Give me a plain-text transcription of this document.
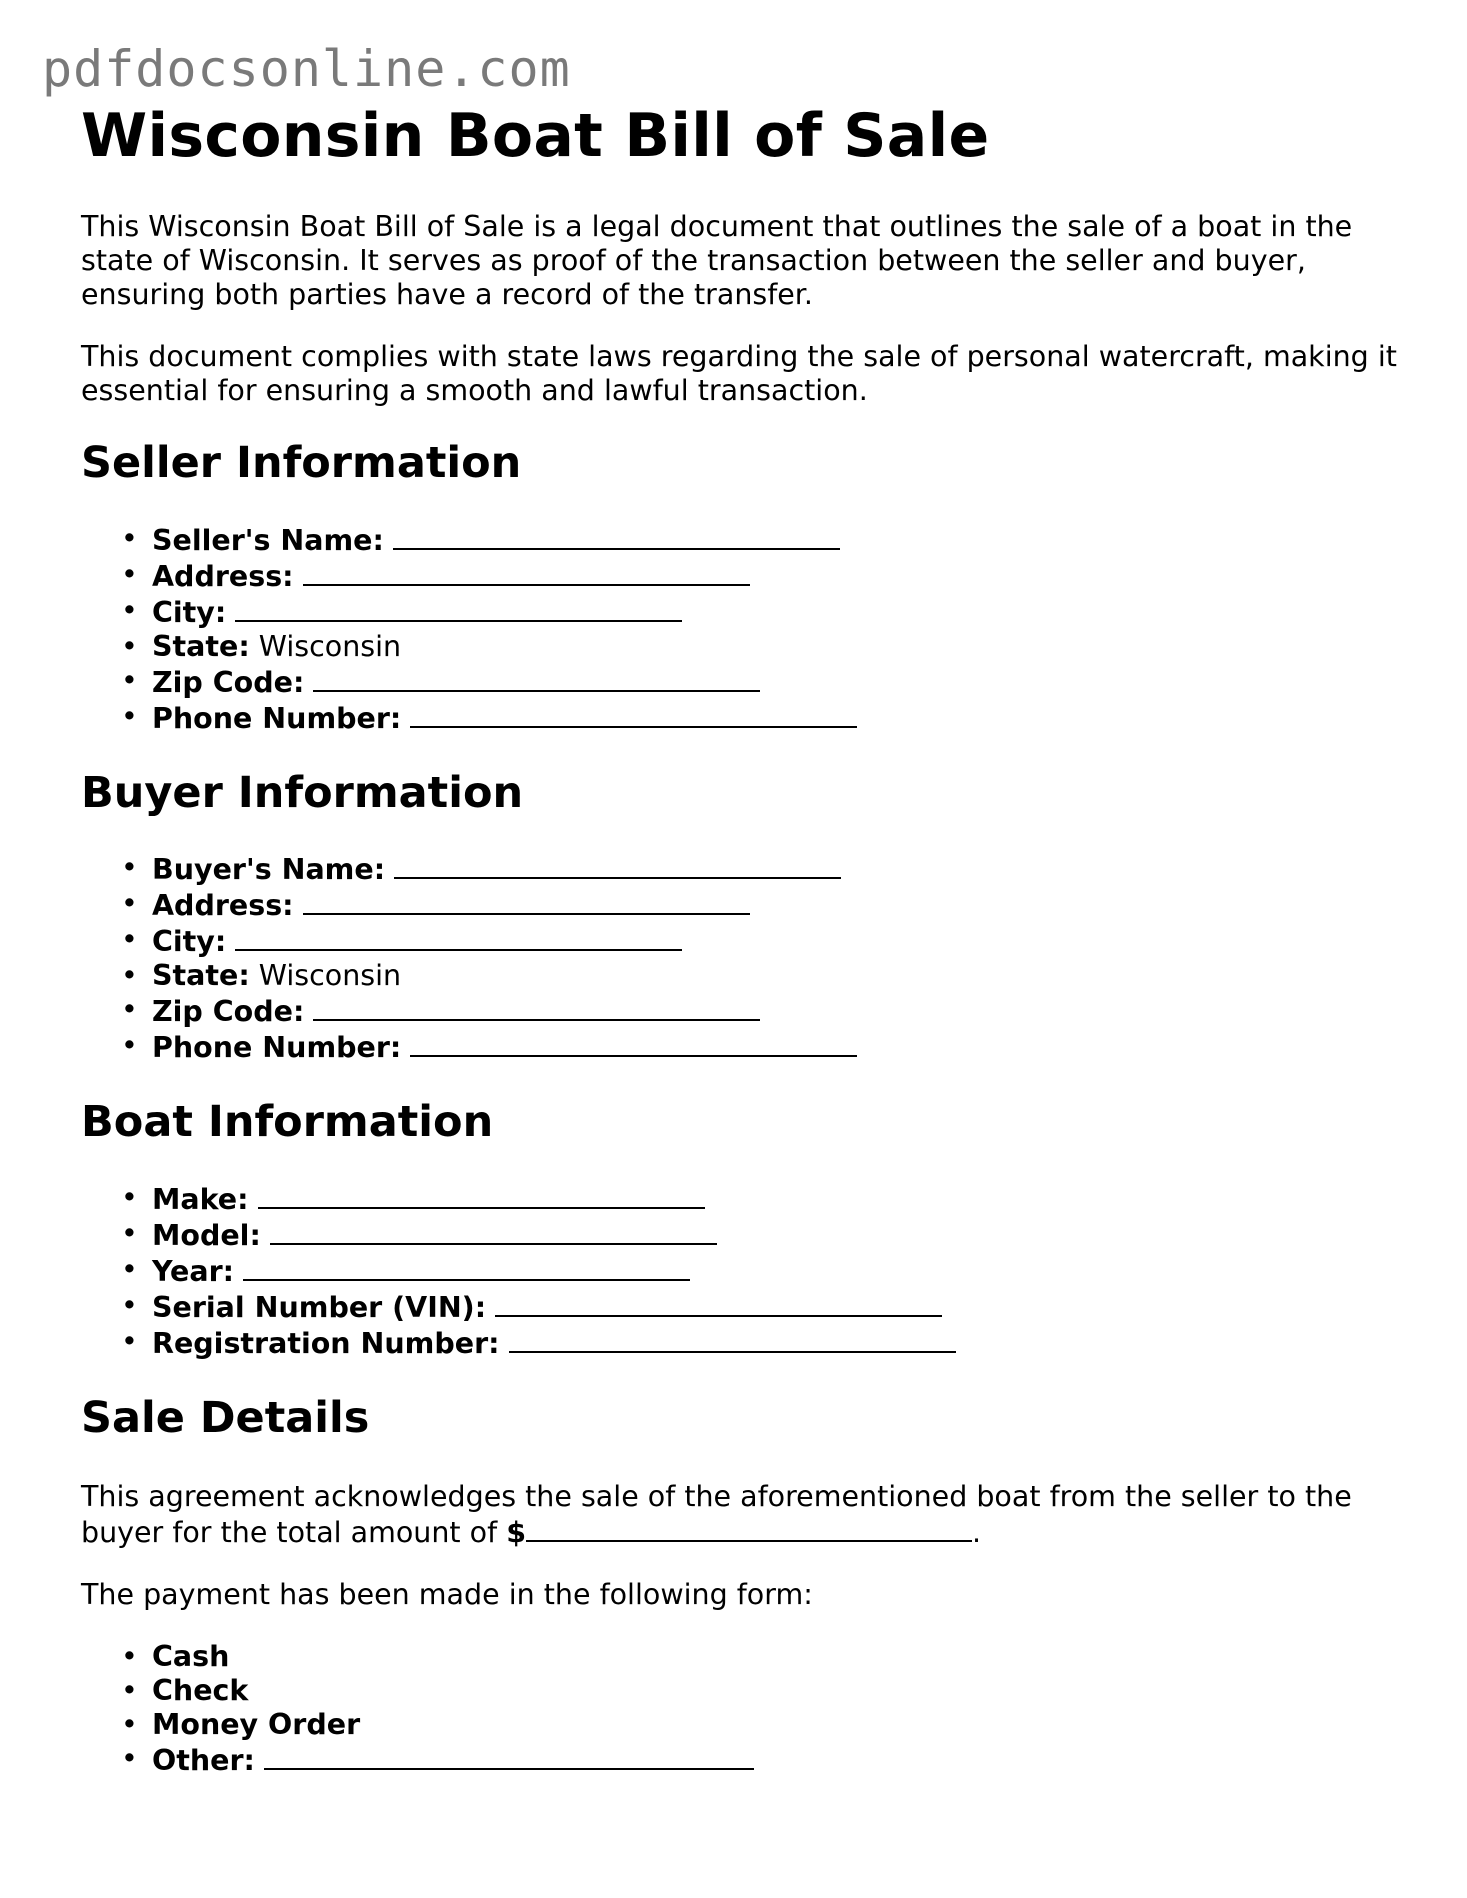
pdfdocsonline.com
Wisconsin Boat Bill of Sale

This Wisconsin Boat Bill of Sale is a legal document that outlines the sale of a boat in the state of Wisconsin. It serves as proof of the transaction between the seller and buyer, ensuring both parties have a record of the transfer.

This document complies with state laws regarding the sale of personal watercraft, making it essential for ensuring a smooth and lawful transaction.

Seller Information
• Seller's Name:
• Address:
• City:
• State: Wisconsin
• Zip Code:
• Phone Number:
Buyer Information
• Buyer's Name:
• Address:
• City:
• State: Wisconsin
• Zip Code:
• Phone Number:
Boat Information
• Make:
• Model:
• Year:
• Serial Number (VIN):
• Registration Number:
Sale Details

This agreement acknowledges the sale of the aforementioned boat from the seller to the buyer for the total amount of $	.

The payment has been made in the following form:

• Cash
• Check
• Money Order
• Other:
